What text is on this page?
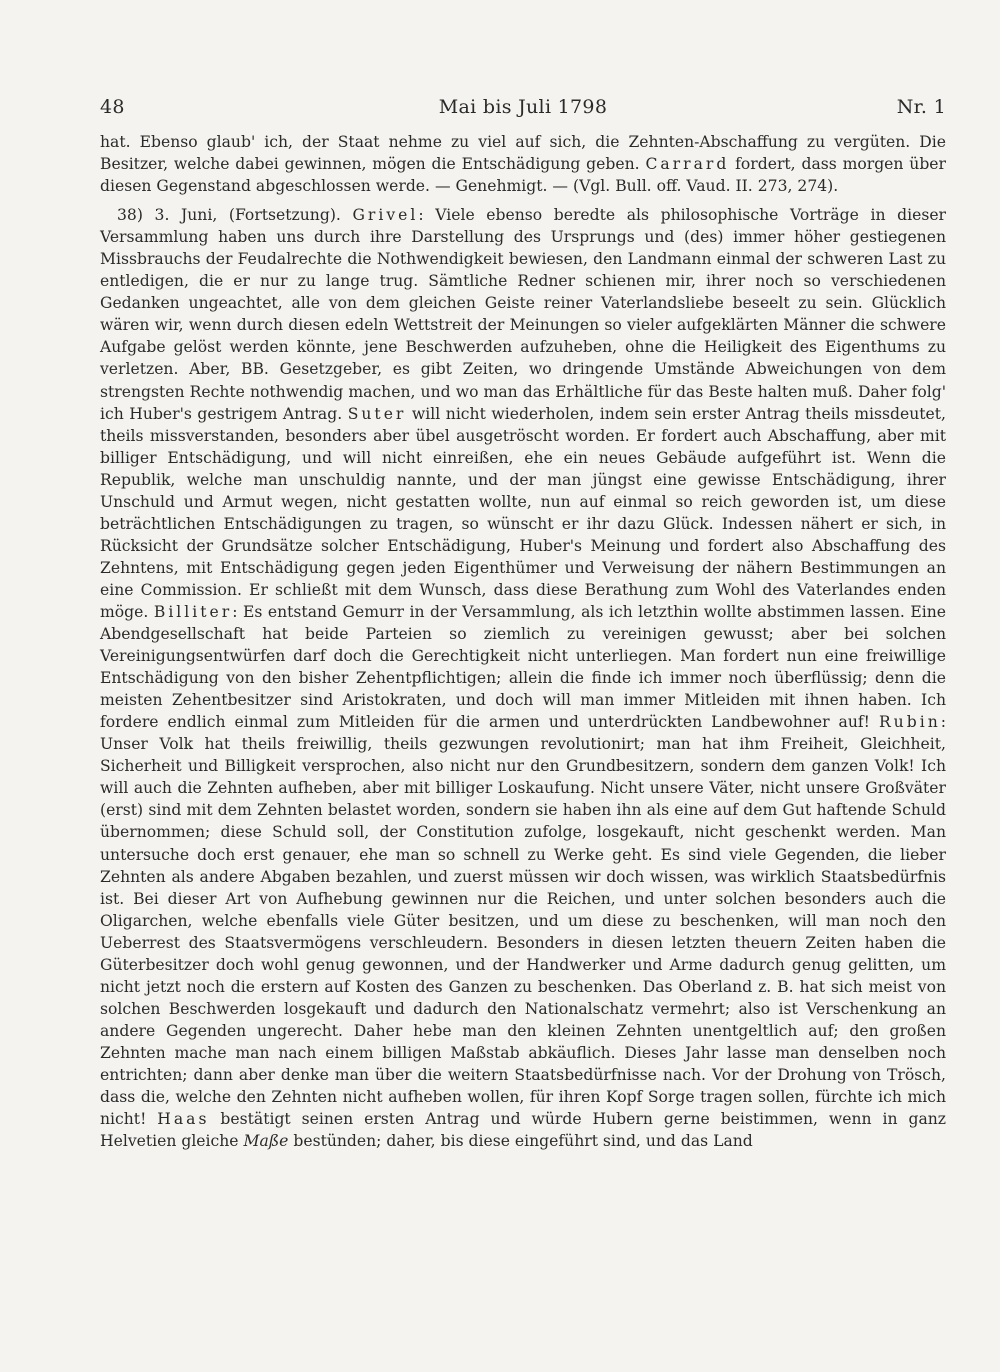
48	Mai bis Juli 1798	Nr. 1

hat. Ebenso glaub' ich, der Staat nehme zu viel auf sich, die Zehnten-Abschaffung zu vergüten. Die Besitzer, welche dabei gewinnen, mögen die Entschädigung geben. Carrard fordert, dass morgen über diesen Gegenstand abgeschlossen werde. — Genehmigt. — (Vgl. Bull. off. Vaud. II. 273, 274).

38) 3. Juni, (Fortsetzung). Grivel: Viele ebenso beredte als philosophische Vorträge in dieser Versammlung haben uns durch ihre Darstellung des Ursprungs und (des) immer höher gestiegenen Missbrauchs der Feudalrechte die Nothwendigkeit bewiesen, den Landmann einmal der schweren Last zu entledigen, die er nur zu lange trug. Sämtliche Redner schienen mir, ihrer noch so verschiedenen Gedanken ungeachtet, alle von dem gleichen Geiste reiner Vaterlandsliebe beseelt zu sein. Glücklich wären wir, wenn durch diesen edeln Wettstreit der Meinungen so vieler aufgeklärten Männer die schwere Aufgabe gelöst werden könnte, jene Beschwerden aufzuheben, ohne die Heiligkeit des Eigenthums zu verletzen. Aber, BB. Gesetzgeber, es gibt Zeiten, wo dringende Umstände Abweichungen von dem strengsten Rechte nothwendig machen, und wo man das Erhältliche für das Beste halten muß. Daher folg' ich Huber's gestrigem Antrag. Suter will nicht wiederholen, indem sein erster Antrag theils missdeutet, theils missverstanden, besonders aber übel ausgetröscht worden. Er fordert auch Abschaffung, aber mit billiger Entschädigung, und will nicht einreißen, ehe ein neues Gebäude aufgeführt ist. Wenn die Republik, welche man unschuldig nannte, und der man jüngst eine gewisse Entschädigung, ihrer Unschuld und Armut wegen, nicht gestatten wollte, nun auf einmal so reich geworden ist, um diese beträchtlichen Entschädigungen zu tragen, so wünscht er ihr dazu Glück. Indessen nähert er sich, in Rücksicht der Grundsätze solcher Entschädigung, Huber's Meinung und fordert also Abschaffung des Zehntens, mit Entschädigung gegen jeden Eigenthümer und Verweisung der nähern Bestimmungen an eine Commission. Er schließt mit dem Wunsch, dass diese Berathung zum Wohl des Vaterlandes enden möge. Billiter: Es entstand Gemurr in der Versammlung, als ich letzthin wollte abstimmen lassen. Eine Abendgesellschaft hat beide Parteien so ziemlich zu vereinigen gewusst; aber bei solchen Vereinigungsentwürfen darf doch die Gerechtigkeit nicht unterliegen. Man fordert nun eine freiwillige Entschädigung von den bisher Zehentpflichtigen; allein die finde ich immer noch überflüssig; denn die meisten Zehentbesitzer sind Aristokraten, und doch will man immer Mitleiden mit ihnen haben. Ich fordere endlich einmal zum Mitleiden für die armen und unterdrückten Landbewohner auf! Rubin: Unser Volk hat theils freiwillig, theils gezwungen revolutionirt; man hat ihm Freiheit, Gleichheit, Sicherheit und Billigkeit versprochen, also nicht nur den Grundbesitzern, sondern dem ganzen Volk! Ich will auch die Zehnten aufheben, aber mit billiger Loskaufung. Nicht unsere Väter, nicht unsere Großväter (erst) sind mit dem Zehnten belastet worden, sondern sie haben ihn als eine auf dem Gut haftende Schuld übernommen; diese Schuld soll, der Constitution zufolge, losgekauft, nicht geschenkt werden. Man untersuche doch erst genauer, ehe man so schnell zu Werke geht. Es sind viele Gegenden, die lieber Zehnten als andere Abgaben bezahlen, und zuerst müssen wir doch wissen, was wirklich Staatsbedürfnis ist. Bei dieser Art von Aufhebung gewinnen nur die Reichen, und unter solchen besonders auch die Oligarchen, welche ebenfalls viele Güter besitzen, und um diese zu beschenken, will man noch den Ueberrest des Staatsvermögens verschleudern. Besonders in diesen letzten theuern Zeiten haben die Güterbesitzer doch wohl genug gewonnen, und der Handwerker und Arme dadurch genug gelitten, um nicht jetzt noch die erstern auf Kosten des Ganzen zu beschenken. Das Oberland z. B. hat sich meist von solchen Beschwerden losgekauft und dadurch den Nationalschatz vermehrt; also ist Verschenkung an andere Gegenden ungerecht. Daher hebe man den kleinen Zehnten unentgeltlich auf; den großen Zehnten mache man nach einem billigen Maßstab abkäuflich. Dieses Jahr lasse man denselben noch entrichten; dann aber denke man über die weitern Staatsbedürfnisse nach. Vor der Drohung von Trösch, dass die, welche den Zehnten nicht aufheben wollen, für ihren Kopf Sorge tragen sollen, fürchte ich mich nicht! Haas bestätigt seinen ersten Antrag und würde Hubern gerne beistimmen, wenn in ganz Helvetien gleiche Maße bestünden; daher, bis diese eingeführt sind, und das Land
